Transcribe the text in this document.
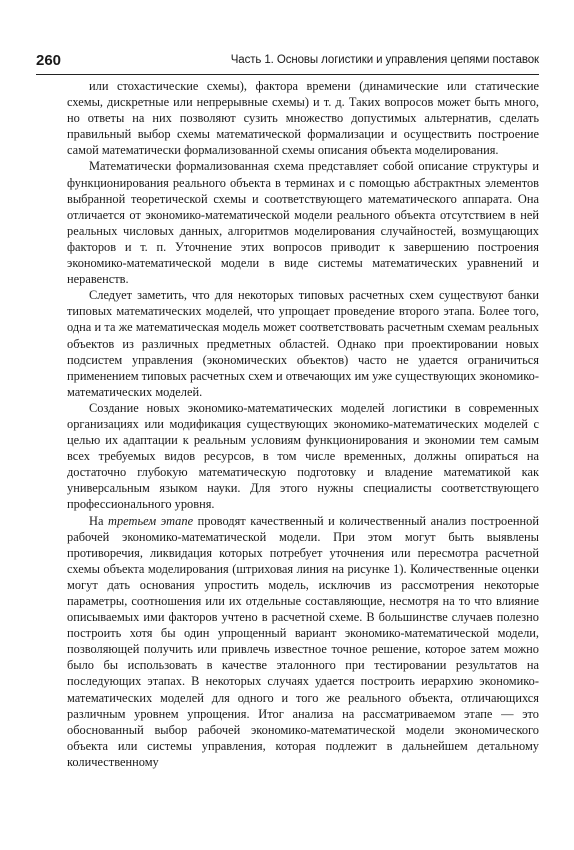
260	Часть 1. Основы логистики и управления цепями поставок

или стохастические схемы), фактора времени (динамические или статические схемы, дискретные или непрерывные схемы) и т. д. Таких вопросов может быть много, но ответы на них позволяют сузить множество допустимых альтернатив, сделать правильный выбор схемы математической формализации и осуществить построение самой математически формализованной схемы описания объекта моделирования.

Математически формализованная схема представляет собой описание структуры и функционирования реального объекта в терминах и с помощью абстрактных элементов выбранной теоретической схемы и соответствующего математического аппарата. Она отличается от экономико-математической модели реального объекта отсутствием в ней реальных числовых данных, алгоритмов моделирования случайностей, возмущающих факторов и т. п. Уточнение этих вопросов приводит к завершению построения экономико-математической модели в виде системы математических уравнений и неравенств.

Следует заметить, что для некоторых типовых расчетных схем существуют банки типовых математических моделей, что упрощает проведение второго этапа. Более того, одна и та же математическая модель может соответствовать расчетным схемам реальных объектов из различных предметных областей. Однако при проектировании новых подсистем управления (экономических объектов) часто не удается ограничиться применением типовых расчетных схем и отвечающих им уже существующих экономико-математических моделей.

Создание новых экономико-математических моделей логистики в современных организациях или модификация существующих экономико-математических моделей с целью их адаптации к реальным условиям функционирования и экономии тем самым всех требуемых видов ресурсов, в том числе временных, должны опираться на достаточно глубокую математическую подготовку и владение математикой как универсальным языком науки. Для этого нужны специалисты соответствующего профессионального уровня.

На третьем этапе проводят качественный и количественный анализ построенной рабочей экономико-математической модели. При этом могут быть выявлены противоречия, ликвидация которых потребует уточнения или пересмотра расчетной схемы объекта моделирования (штриховая линия на рисунке 1). Количественные оценки могут дать основания упростить модель, исключив из рассмотрения некоторые параметры, соотношения или их отдельные составляющие, несмотря на то что влияние описываемых ими факторов учтено в расчетной схеме. В большинстве случаев полезно построить хотя бы один упрощенный вариант экономико-математической модели, позволяющей получить или привлечь известное точное решение, которое затем можно было бы использовать в качестве эталонного при тестировании результатов на последующих этапах. В некоторых случаях удается построить иерархию экономико-математических моделей для одного и того же реального объекта, отличающихся различным уровнем упрощения. Итог анализа на рассматриваемом этапе — это обоснованный выбор рабочей экономико-математической модели экономического объекта или системы управления, которая подлежит в дальнейшем детальному количественному
